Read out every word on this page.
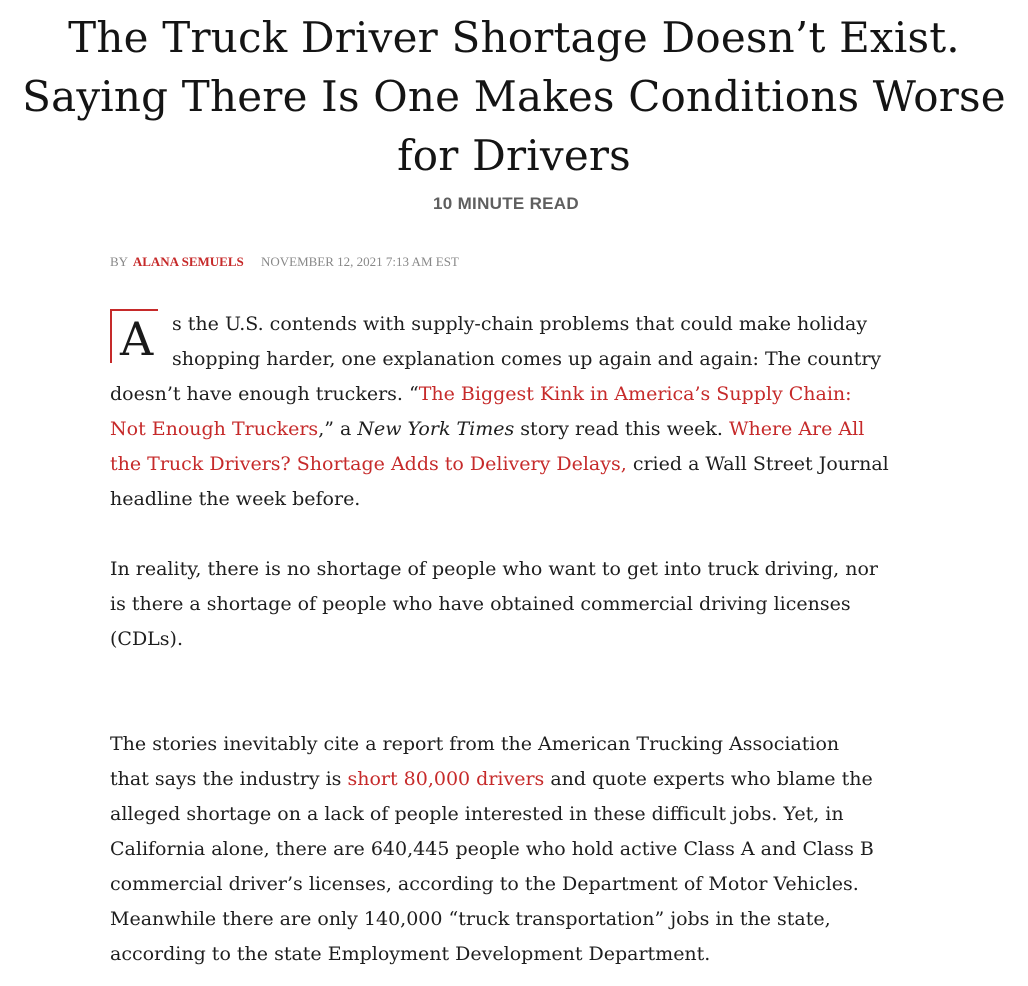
The Truck Driver Shortage Doesn’t Exist.
Saying There Is One Makes Conditions Worse
for Drivers
10 MINUTE READ
BY ALANA SEMUELS NOVEMBER 12, 2021 7:13 AM EST
A s the U.S. contends with supply-chain problems that could make holiday
shopping harder, one explanation comes up again and again: The country
doesn’t have enough truckers. “The Biggest Kink in America’s Supply Chain:
Not Enough Truckers,” a New York Times story read this week. Where Are All
the Truck Drivers? Shortage Adds to Delivery Delays, cried a Wall Street Journal
headline the week before.

In reality, there is no shortage of people who want to get into truck driving, nor
is there a shortage of people who have obtained commercial driving licenses
(CDLs).

The stories inevitably cite a report from the American Trucking Association
that says the industry is short 80,000 drivers and quote experts who blame the
alleged shortage on a lack of people interested in these difficult jobs. Yet, in
California alone, there are 640,445 people who hold active Class A and Class B
commercial driver’s licenses, according to the Department of Motor Vehicles.
Meanwhile there are only 140,000 “truck transportation” jobs in the state,
according to the state Employment Development Department.
